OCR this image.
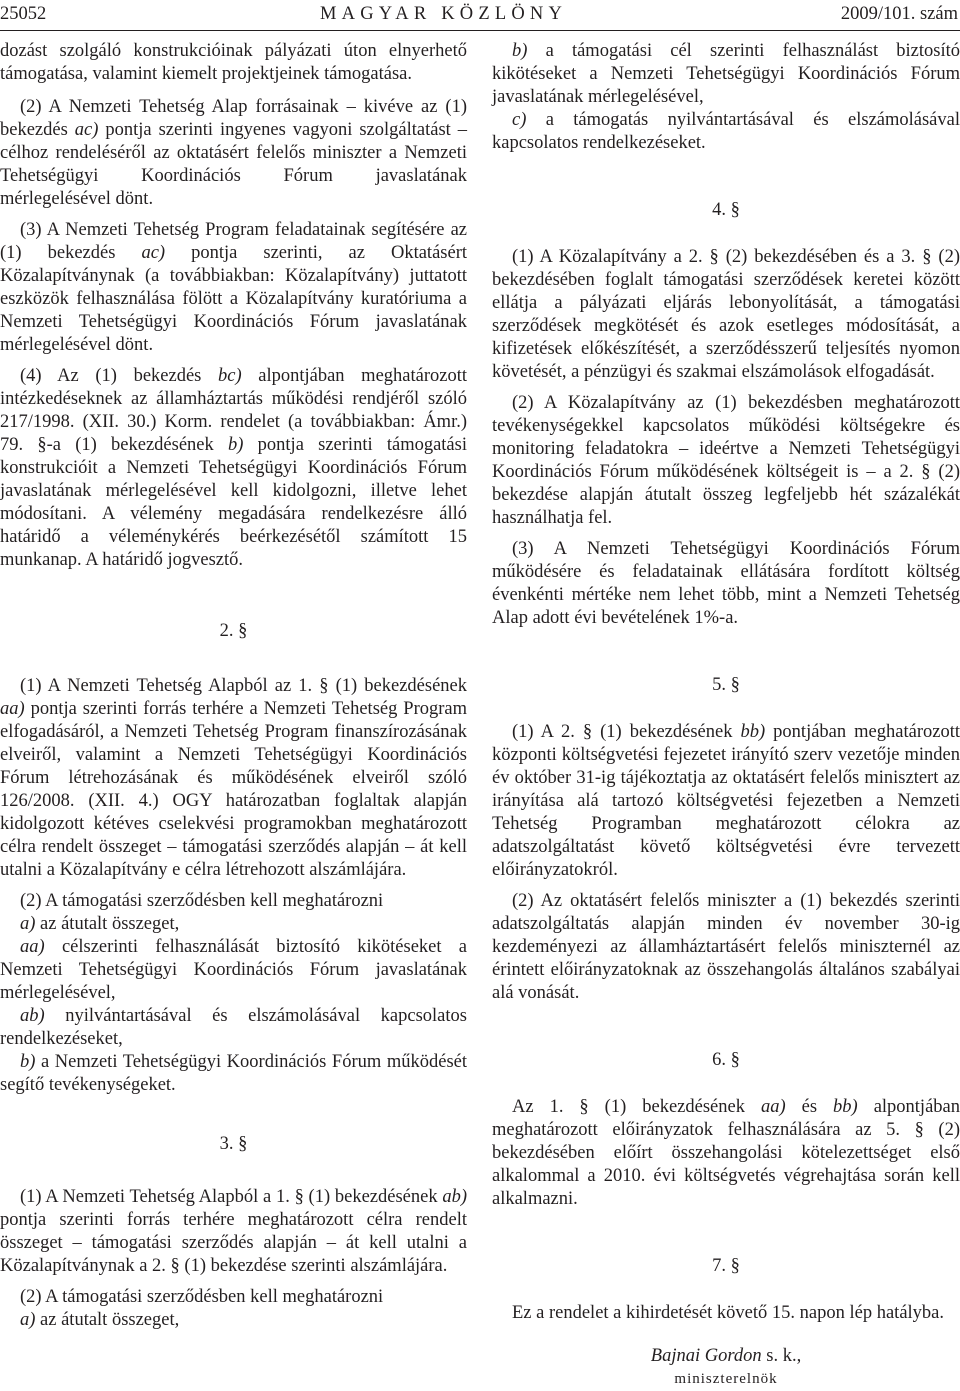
25052	MAGYAR KÖZLÖNY	2009/101. szám

dozást szolgáló konstrukcióinak pályázati úton elnyerhető támogatása, valamint kiemelt projektjeinek támogatása.

(2) A Nemzeti Tehetség Alap forrásainak – kivéve az (1) bekezdés ac) pontja szerinti ingyenes vagyoni szolgáltatást – célhoz rendeléséről az oktatásért felelős miniszter a Nemzeti Tehetségügyi Koordinációs Fórum javaslatának mérlegelésével dönt.

(3) A Nemzeti Tehetség Program feladatainak segítésére az (1) bekezdés ac) pontja szerinti, az Oktatásért Közalapítványnak (a továbbiakban: Közalapítvány) juttatott eszközök felhasználása fölött a Közalapítvány kuratóriuma a Nemzeti Tehetségügyi Koordinációs Fórum javaslatának mérlegelésével dönt.

(4) Az (1) bekezdés bc) alpontjában meghatározott intézkedéseknek az államháztartás működési rendjéről szóló 217/1998. (XII. 30.) Korm. rendelet (a továbbiakban: Ámr.) 79. §-a (1) bekezdésének b) pontja szerinti támogatási konstrukcióit a Nemzeti Tehetségügyi Koordinációs Fórum javaslatának mérlegelésével kell kidolgozni, illetve lehet módosítani. A vélemény megadására rendelkezésre álló határidő a véleménykérés beérkezésétől számított 15 munkanap. A határidő jogvesztő.

2. §

(1) A Nemzeti Tehetség Alapból az 1. § (1) bekezdésének aa) pontja szerinti forrás terhére a Nemzeti Tehetség Program elfogadásáról, a Nemzeti Tehetség Program finanszírozásának elveiről, valamint a Nemzeti Tehetségügyi Koordinációs Fórum létrehozásának és működésének elveiről szóló 126/2008. (XII. 4.) OGY határozatban foglaltak alapján kidolgozott kétéves cselekvési programokban meghatározott célra rendelt összeget – támogatási szerződés alapján – át kell utalni a Közalapítvány e célra létrehozott alszámlájára.

(2) A támogatási szerződésben kell meghatározni

a) az átutalt összeget,

aa) célszerinti felhasználását biztosító kikötéseket a Nemzeti Tehetségügyi Koordinációs Fórum javaslatának mérlegelésével,

ab) nyilvántartásával és elszámolásával kapcsolatos rendelkezéseket,

b) a Nemzeti Tehetségügyi Koordinációs Fórum működését segítő tevékenységeket.

3. §

(1) A Nemzeti Tehetség Alapból a 1. § (1) bekezdésének ab) pontja szerinti forrás terhére meghatározott célra rendelt összeget – támogatási szerződés alapján – át kell utalni a Közalapítványnak a 2. § (1) bekezdése szerinti alszámlájára.

(2) A támogatási szerződésben kell meghatározni

a) az átutalt összeget,

b) a támogatási cél szerinti felhasználást biztosító kikötéseket a Nemzeti Tehetségügyi Koordinációs Fórum javaslatának mérlegelésével,

c) a támogatás nyilvántartásával és elszámolásával kapcsolatos rendelkezéseket.

4. §

(1) A Közalapítvány a 2. § (2) bekezdésében és a 3. § (2) bekezdésében foglalt támogatási szerződések keretei között ellátja a pályázati eljárás lebonyolítását, a támogatási szerződések megkötését és azok esetleges módosítását, a kifizetések előkészítését, a szerződésszerű teljesítés nyomon követését, a pénzügyi és szakmai elszámolások elfogadását.

(2) A Közalapítvány az (1) bekezdésben meghatározott tevékenységekkel kapcsolatos működési költségekre és monitoring feladatokra – ideértve a Nemzeti Tehetségügyi Koordinációs Fórum működésének költségeit is – a 2. § (2) bekezdése alapján átutalt összeg legfeljebb hét százalékát használhatja fel.

(3) A Nemzeti Tehetségügyi Koordinációs Fórum működésére és feladatainak ellátására fordított költség évenkénti mértéke nem lehet több, mint a Nemzeti Tehetség Alap adott évi bevételének 1%-a.

5. §

(1) A 2. § (1) bekezdésének bb) pontjában meghatározott központi költségvetési fejezetet irányító szerv vezetője minden év október 31-ig tájékoztatja az oktatásért felelős minisztert az irányítása alá tartozó költségvetési fejezetben a Nemzeti Tehetség Programban meghatározott célokra az adatszolgáltatást követő költségvetési évre tervezett előirányzatokról.

(2) Az oktatásért felelős miniszter a (1) bekezdés szerinti adatszolgáltatás alapján minden év november 30-ig kezdeményezi az államháztartásért felelős miniszternél az érintett előirányzatoknak az összehangolás általános szabályai alá vonását.

6. §

Az 1. § (1) bekezdésének aa) és bb) alpontjában meghatározott előirányzatok felhasználására az 5. § (2) bekezdésében előírt összehangolási kötelezettséget első alkalommal a 2010. évi költségvetés végrehajtása során kell alkalmazni.

7. §

Ez a rendelet a kihirdetését követő 15. napon lép hatályba.

Bajnai Gordon s. k.,

miniszterelnök
